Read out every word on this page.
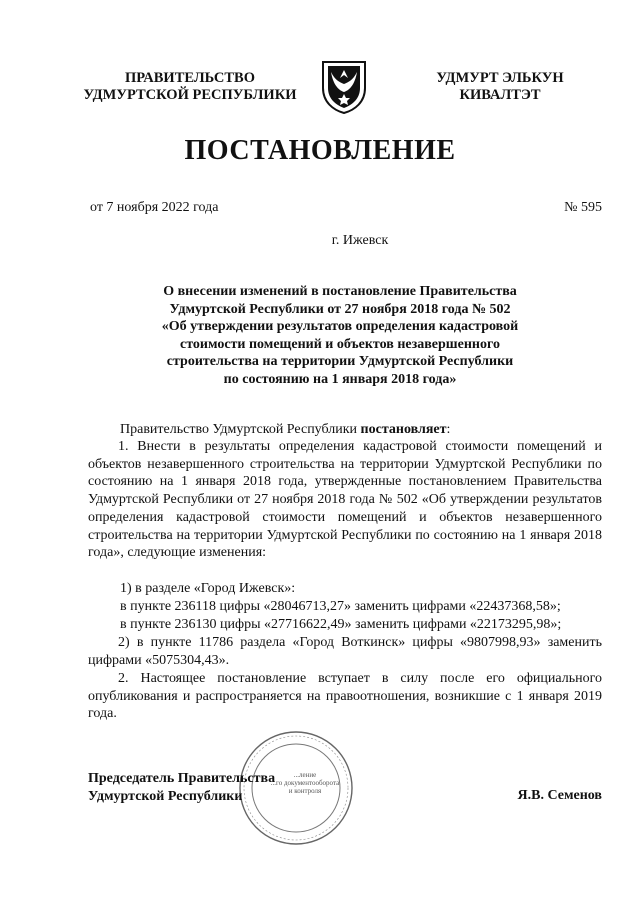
ПРАВИТЕЛЬСТВО
УДМУРТСКОЙ РЕСПУБЛИКИ
УДМУРТ ЭЛЬКУН
КИВАЛТЭТ
ПОСТАНОВЛЕНИЕ
от 7 ноября 2022 года	№ 595
г. Ижевск
О внесении изменений в постановление Правительства
Удмуртской Республики от 27 ноября 2018 года № 502
«Об утверждении результатов определения кадастровой
стоимости помещений и объектов незавершенного
строительства на территории Удмуртской Республики
по состоянию на 1 января 2018 года»
Правительство Удмуртской Республики постановляет:
1. Внести в результаты определения кадастровой стоимости помещений и объектов незавершенного строительства на территории Удмуртской Республики по состоянию на 1 января 2018 года, утвержденные постановлением Правительства Удмуртской Республики от 27 ноября 2018 года № 502 «Об утверждении результатов определения кадастровой стоимости помещений и объектов незавершенного строительства на территории Удмуртской Республики по состоянию на 1 января 2018 года», следующие изменения:
1) в разделе «Город Ижевск»:
в пункте 236118 цифры «28046713,27» заменить цифрами «22437368,58»;
в пункте 236130 цифры «27716622,49» заменить цифрами «22173295,98»;
2) в пункте 11786 раздела «Город Воткинск» цифры «9807998,93» заменить цифрами «5075304,43».
2. Настоящее постановление вступает в силу после его официального опубликования и распространяется на правоотношения, возникшие с 1 января 2019 года.
...ление
...го документооборота
и контроля
Председатель Правительства
Удмуртской Республики	Я.В. Семенов
